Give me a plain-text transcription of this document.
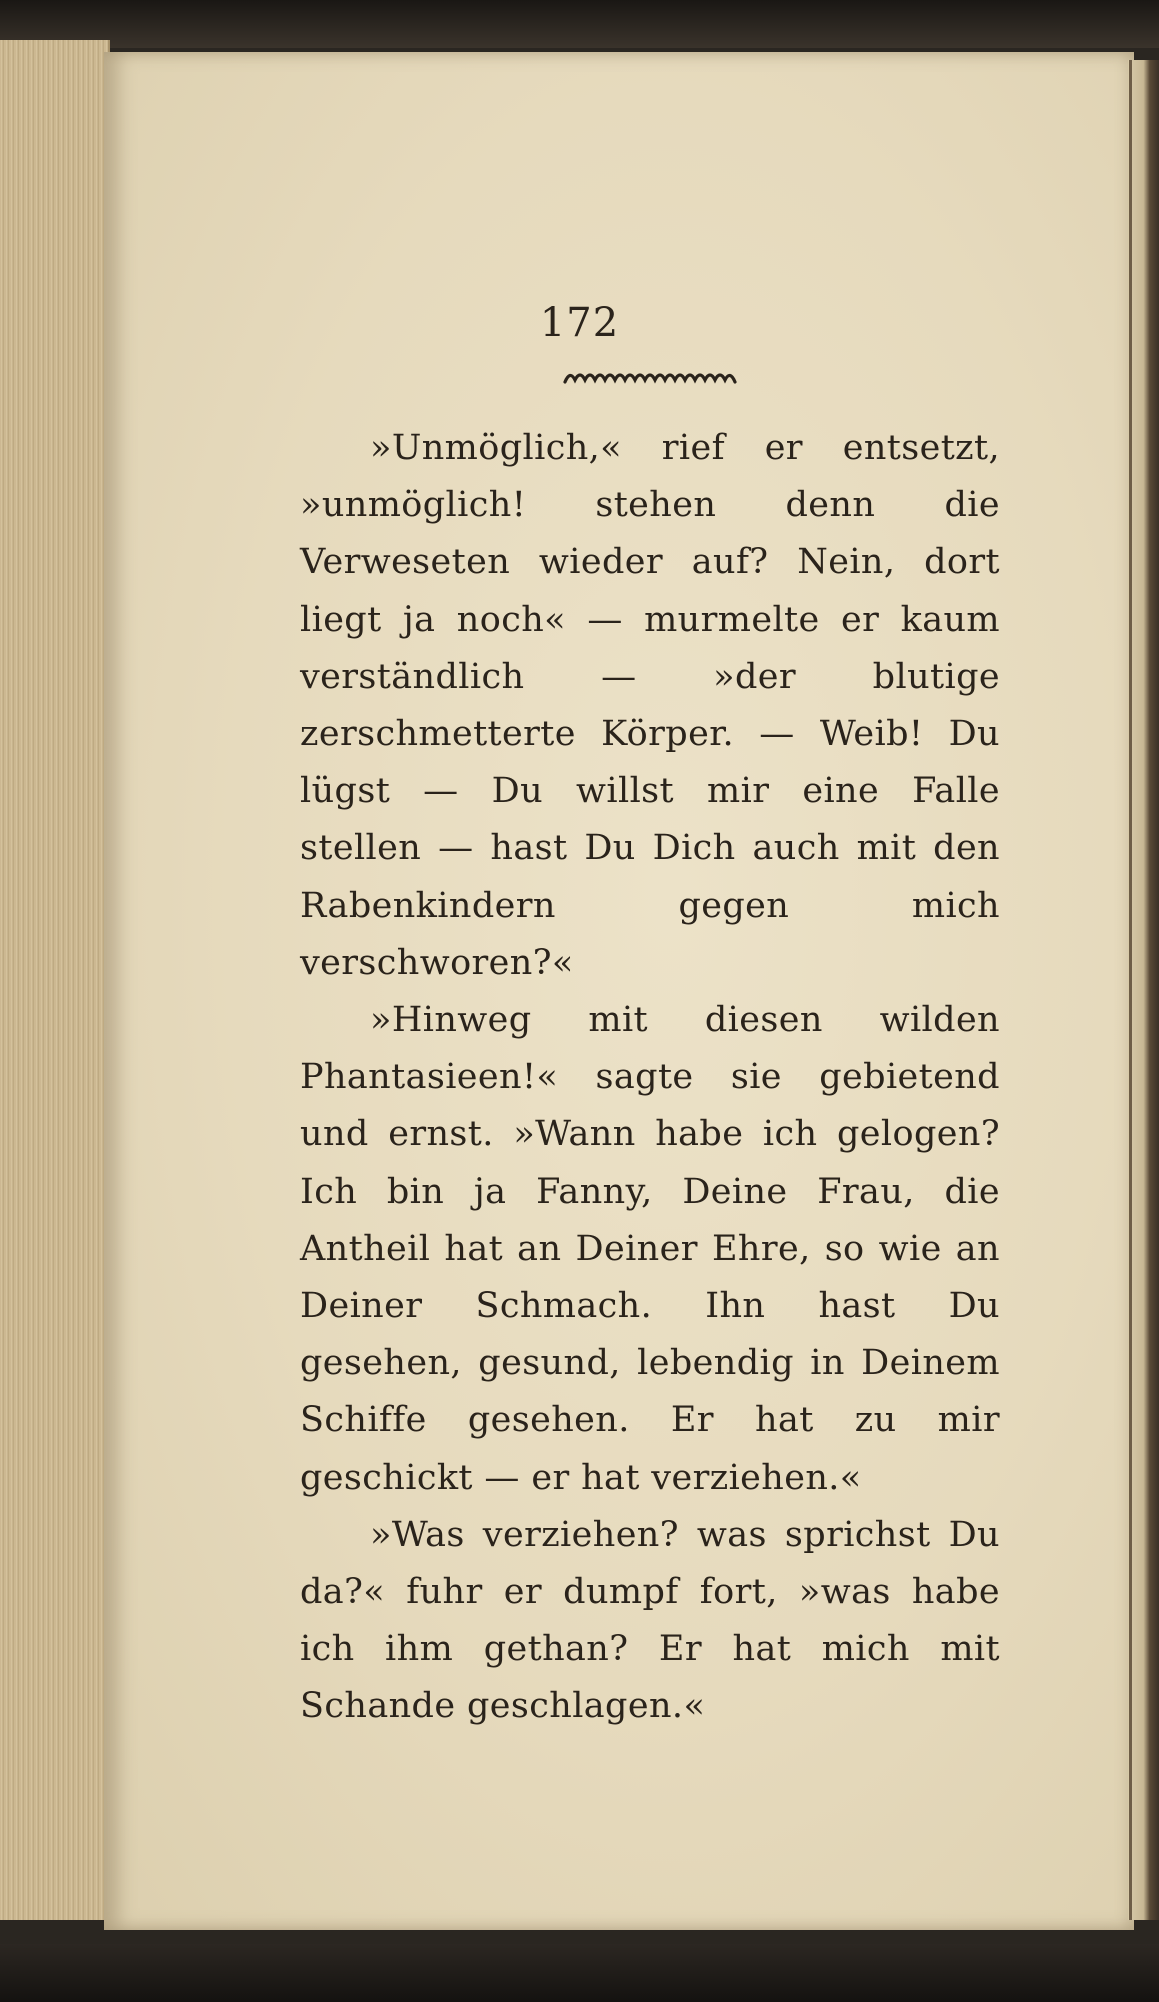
172

»Unmöglich,« rief er entsetzt, »unmöglich! stehen denn die Verweseten wieder auf? Nein, dort liegt ja noch« — murmelte er kaum verständlich — »der blutige zerschmetterte Körper. — Weib! Du lügst — Du willst mir eine Falle stellen — hast Du Dich auch mit den Rabenkindern gegen mich verschworen?«

»Hinweg mit diesen wilden Phantasieen!« sagte sie gebietend und ernst. »Wann habe ich gelogen? Ich bin ja Fanny, Deine Frau, die Antheil hat an Deiner Ehre, so wie an Deiner Schmach. Ihn hast Du gesehen, gesund, lebendig in Deinem Schiffe gesehen. Er hat zu mir geschickt — er hat verziehen.«

»Was verziehen? was sprichst Du da?« fuhr er dumpf fort, »was habe ich ihm gethan? Er hat mich mit Schande geschlagen.«
